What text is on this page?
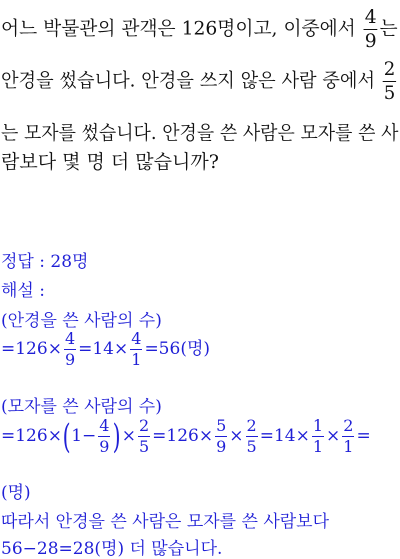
어느 박물관의 관객은 126명이고, 이중에서 $\frac{4}{9}$ 는
안경을 썼습니다. 안경을 쓰지 않은 사람 중에서 $\frac{2}{5}$
는 모자를 썼습니다. 안경을 쓴 사람은 모자를 쓴 사
람보다 몇 명 더 많습니까?
정답 : 28명
해설 :
(안경을 쓴 사람의 수)
$=126\times \frac{4}{9} =14\times \frac{4}{1} =56$(명)
(모자를 쓴 사람의 수)
$=126\times(1- \frac{4}{9}$ )× $\frac{2}{5} =126\times \frac{5}{9} \times \frac{2}{5} =14\times \frac{1}{1} \times \frac{2}{1}$ =
(명)
따라서 안경을 쓴 사람은 모자를 쓴 사람보다
56−28=28(명) 더 많습니다.
